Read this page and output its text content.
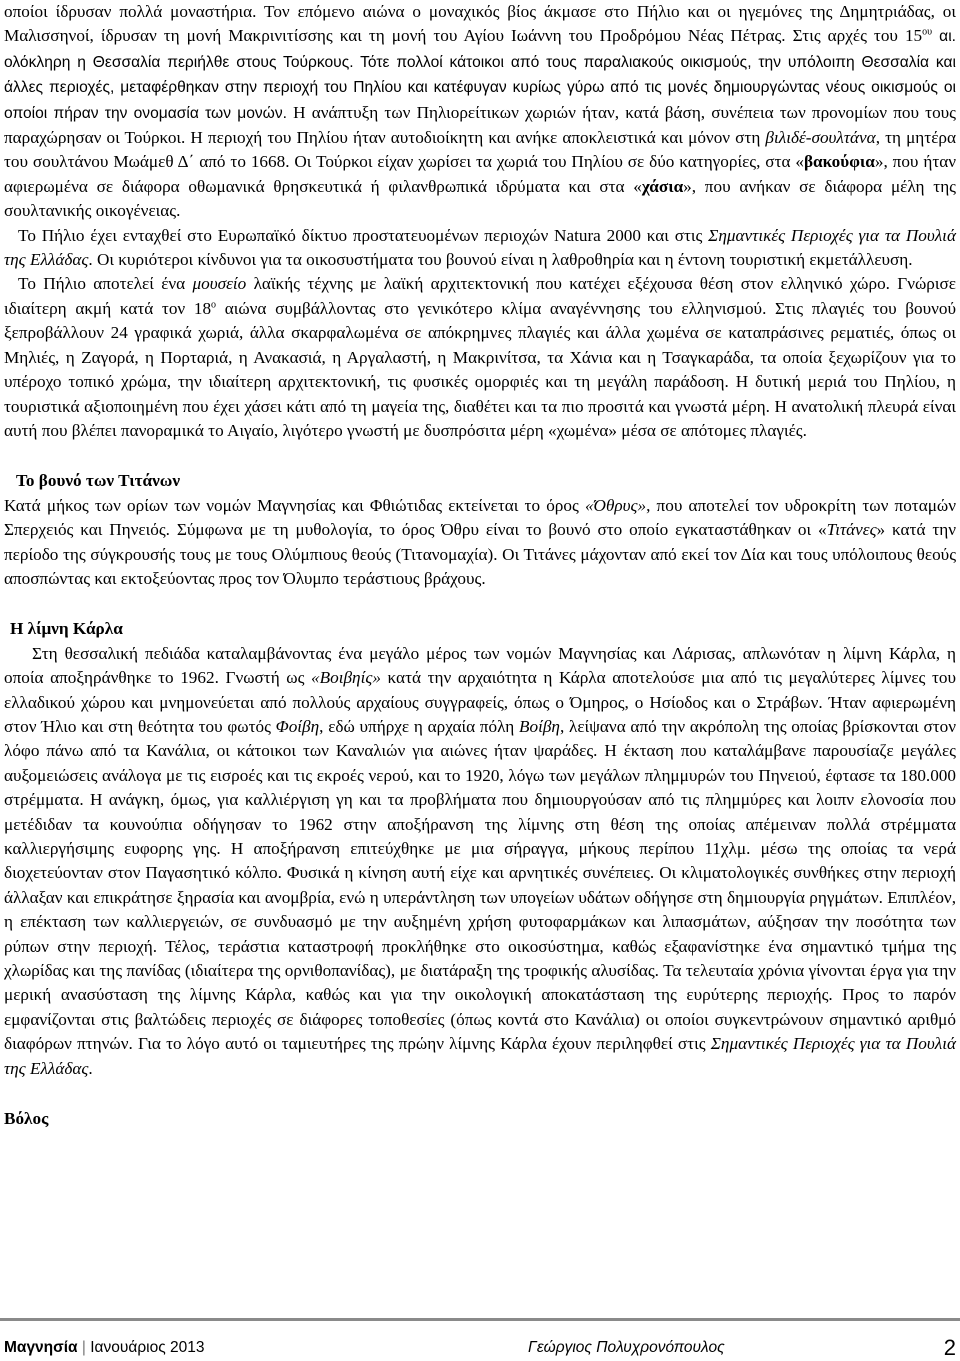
οποίοι ίδρυσαν πολλά μοναστήρια. Τον επόμενο αιώνα ο μοναχικός βίος άκμασε στο Πήλιο και οι ηγεμόνες της Δημητριάδας, οι Μαλισσηνοί, ίδρυσαν τη μονή Μακρινιτίσσης και τη μονή του Αγίου Ιωάννη του Προδρόμου Νέας Πέτρας. Στις αρχές του $15^{o\upsilon}$ αι. ολόκληρη η Θεσσαλία περιήλθε στους Τούρκους. Τότε πολλοί κάτοικοι από τους παραλιακούς οικισμούς, την υπόλοιπη Θεσσαλία και άλλες περιοχές, μεταφέρθηκαν στην περιοχή του Πηλίου και κατέφυγαν κυρίως γύρω από τις μονές δημιουργώντας νέους οικισμούς οι οποίοι πήραν την ονομασία των μονών. Η ανάπτυξη των Πηλιορείτικων χωριών ήταν, κατά βάση, συνέπεια των προνομίων που τους παραχώρησαν οι Τούρκοι. Η περιοχή του Πηλίου ήταν αυτοδιοίκητη και ανήκε αποκλειστικά και μόνον στη βιλιδέ-σουλτάνα, τη μητέρα του σουλτάνου Μωάμεθ Δ΄ από το 1668. Οι Τούρκοι είχαν χωρίσει τα χωριά του Πηλίου σε δύο κατηγορίες, στα «βακούφια», που ήταν αφιερωμένα σε διάφορα οθωμανικά θρησκευτικά ή φιλανθρωπικά ιδρύματα και στα «χάσια», που ανήκαν σε διάφορα μέλη της σουλτανικής οικογένειας.

Το Πήλιο έχει ενταχθεί στο Ευρωπαϊκό δίκτυο προστατευομένων περιοχών Natura 2000 και στις Σημαντικές Περιοχές για τα Πουλιά της Ελλάδας. Οι κυριότεροι κίνδυνοι για τα οικοσυστήματα του βουνού είναι η λαθροθηρία και η έντονη τουριστική εκμετάλλευση.

Το Πήλιο αποτελεί ένα μουσείο λαϊκής τέχνης με λαϊκή αρχιτεκτονική που κατέχει εξέχουσα θέση στον ελληνικό χώρο. Γνώρισε ιδιαίτερη ακμή κατά τον $18^o$ αιώνα συμβάλλοντας στο γενικότερο κλίμα αναγέννησης του ελληνισμού. Στις πλαγιές του βουνού ξεπροβάλλουν 24 γραφικά χωριά, άλλα σκαρφαλωμένα σε απόκρημνες πλαγιές και άλλα χωμένα σε καταπράσινες ρεματιές, όπως οι Μηλιές, η Ζαγορά, η Πορταριά, η Ανακασιά, η Αργαλαστή, η Μακρινίτσα, τα Χάνια και η Τσαγκαράδα, τα οποία ξεχωρίζουν για το υπέροχο τοπικό χρώμα, την ιδιαίτερη αρχιτεκτονική, τις φυσικές ομορφιές και τη μεγάλη παράδοση. Η δυτική μεριά του Πηλίου, η τουριστικά αξιοποιημένη που έχει χάσει κάτι από τη μαγεία της, διαθέτει και τα πιο προσιτά και γνωστά μέρη. Η ανατολική πλευρά είναι αυτή που βλέπει πανοραμικά το Αιγαίο, λιγότερο γνωστή με δυσπρόσιτα μέρη «χωμένα» μέσα σε απότομες πλαγιές.

Το βουνό των Τιτάνων

Κατά μήκος των ορίων των νομών Μαγνησίας και Φθιώτιδας εκτείνεται το όρος «Όθρυς», που αποτελεί τον υδροκρίτη των ποταμών Σπερχειός και Πηνειός. Σύμφωνα με τη μυθολογία, το όρος Όθρυ είναι το βουνό στο οποίο εγκαταστάθηκαν οι «Τιτάνες» κατά την περίοδο της σύγκρουσής τους με τους Ολύμπιους θεούς (Τιτανομαχία). Οι Τιτάνες μάχονταν από εκεί τον Δία και τους υπόλοιπους θεούς αποσπώντας και εκτοξεύοντας προς τον Όλυμπο τεράστιους βράχους.

Η λίμνη Κάρλα

Στη θεσσαλική πεδιάδα καταλαμβάνοντας ένα μεγάλο μέρος των νομών Μαγνησίας και Λάρισας, απλωνόταν η λίμνη Κάρλα, η οποία αποξηράνθηκε το 1962. Γνωστή ως «Βοιβηίς» κατά την αρχαιότητα η Κάρλα αποτελούσε μια από τις μεγαλύτερες λίμνες του ελλαδικού χώρου και μνημονεύεται από πολλούς αρχαίους συγγραφείς, όπως ο Όμηρος, ο Ησίοδος και ο Στράβων. Ήταν αφιερωμένη στον Ήλιο και στη θεότητα του φωτός Φοίβη, εδώ υπήρχε η αρχαία πόλη Βοίβη, λείψανα από την ακρόπολη της οποίας βρίσκονται στον λόφο πάνω από τα Κανάλια, οι κάτοικοι των Καναλιών για αιώνες ήταν ψαράδες. Η έκταση που καταλάμβανε παρουσίαζε μεγάλες αυξομειώσεις ανάλογα με τις εισροές και τις εκροές νερού, και το 1920, λόγω των μεγάλων πλημμυρών του Πηνειού, έφτασε τα 180.000 στρέμματα. Η ανάγκη, όμως, για καλλιέργιση γη και τα προβλήματα που δημιουργούσαν από τις πλημμύρες και λοιπν ελονοσία που μετέδιδαν τα κουνούπια οδήγησαν το 1962 στην αποξήρανση της λίμνης στη θέση της οποίας απέμειναν πολλά στρέμματα καλλιεργήσιμης ευφορης γης. Η αποξήρανση επιτεύχθηκε με μια σήραγγα, μήκους περίπου 11χλμ. μέσω της οποίας τα νερά διοχετεύονταν στον Παγασητικό κόλπο. Φυσικά η κίνηση αυτή είχε και αρνητικές συνέπειες. Οι κλιματολογικές συνθήκες στην περιοχή άλλαξαν και επικράτησε ξηρασία και ανομβρία, ενώ η υπεράντληση των υπογείων υδάτων οδήγησε στη δημιουργία ρηγμάτων. Επιπλέον, η επέκταση των καλλιεργειών, σε συνδυασμό με την αυξημένη χρήση φυτοφαρμάκων και λιπασμάτων, αύξησαν την ποσότητα των ρύπων στην περιοχή. Τέλος, τεράστια καταστροφή προκλήθηκε στο οικοσύστημα, καθώς εξαφανίστηκε ένα σημαντικό τμήμα της χλωρίδας και της πανίδας (ιδιαίτερα της ορνιθοπανίδας), με διατάραξη της τροφικής αλυσίδας. Τα τελευταία χρόνια γίνονται έργα για την μερική ανασύσταση της λίμνης Κάρλα, καθώς και για την οικολογική αποκατάσταση της ευρύτερης περιοχής. Προς το παρόν εμφανίζονται στις βαλτώδεις περιοχές σε διάφορες τοποθεσίες (όπως κοντά στο Κανάλια) οι οποίοι συγκεντρώνουν σημαντικό αριθμό διαφόρων πτηνών. Για το λόγο αυτό οι ταμιευτήρες της πρώην λίμνης Κάρλα έχουν περιληφθεί στις Σημαντικές Περιοχές για τα Πουλιά της Ελλάδας.

Βόλος

Μαγνησία | Ιανουάριος 2013	Γεώργιος Πολυχρονόπουλος	2
